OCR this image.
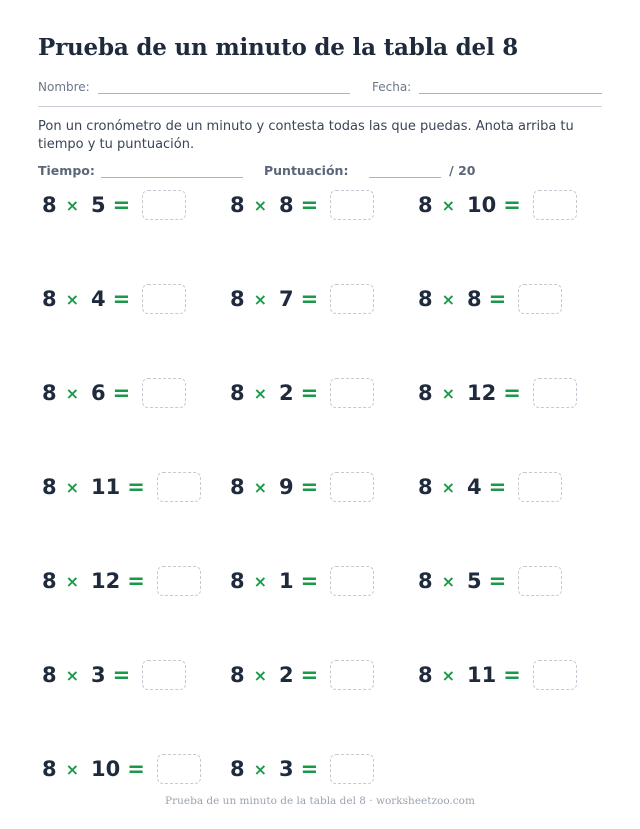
Prueba de un minuto de la tabla del 8
Nombre:	Fecha:
Pon un cronómetro de un minuto y contesta todas las que puedas. Anota arriba tu tiempo y tu puntuación.
Tiempo:	Puntuación:	/ 20
8 × 5 =	8 × 8 =	8 × 10 =
8 × 4 =	8 × 7 =	8 × 8 =
8 × 6 =	8 × 2 =	8 × 12 =
8 × 11 =	8 × 9 =	8 × 4 =
8 × 12 =	8 × 1 =	8 × 5 =
8 × 3 =	8 × 2 =	8 × 11 =
8 × 10 =	8 × 3 =
Prueba de un minuto de la tabla del 8 · worksheetzoo.com
